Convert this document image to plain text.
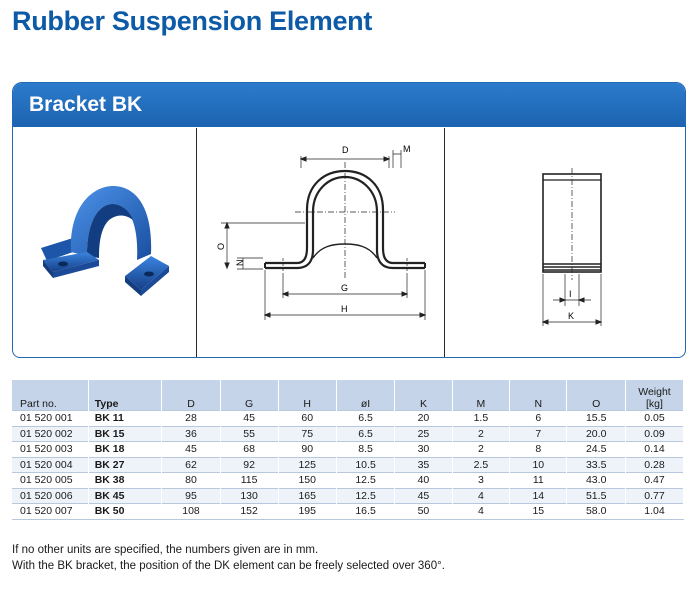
Rubber Suspension Element
Bracket BK
D	M
O
N
G
H
I
K
Part no.	Type	D	G	H	øI	K	M	N	O	Weight
[kg]

01 520 001	BK 11	28	45	60	6.5	20	1.5	6	15.5	0.05
01 520 002	BK 15	36	55	75	6.5	25	2	7	20.0	0.09
01 520 003	BK 18	45	68	90	8.5	30	2	8	24.5	0.14
01 520 004	BK 27	62	92	125	10.5	35	2.5	10	33.5	0.28
01 520 005	BK 38	80	115	150	12.5	40	3	11	43.0	0.47
01 520 006	BK 45	95	130	165	12.5	45	4	14	51.5	0.77
01 520 007	BK 50	108	152	195	16.5	50	4	15	58.0	1.04
If no other units are specified, the numbers given are in mm.
With the BK bracket, the position of the DK element can be freely selected over 360°.
